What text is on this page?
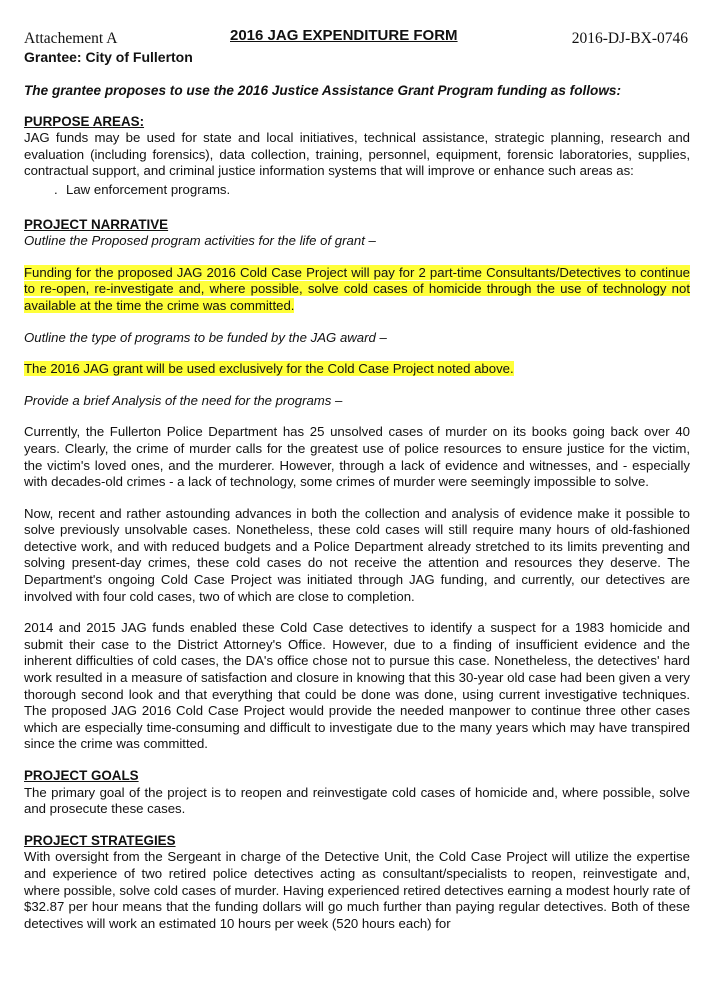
Attachement A	2016 JAG EXPENDITURE FORM	2016-DJ-BX-0746
Grantee: City of Fullerton

The grantee proposes to use the 2016 Justice Assistance Grant Program funding as follows:

PURPOSE AREAS:

JAG funds may be used for state and local initiatives, technical assistance, strategic planning, research and evaluation (including forensics), data collection, training, personnel, equipment, forensic laboratories, supplies, contractual support, and criminal justice information systems that will improve or enhance such areas as:

. Law enforcement programs.
PROJECT NARRATIVE

Outline the Proposed program activities for the life of grant –

Funding for the proposed JAG 2016 Cold Case Project will pay for 2 part-time Consultants/Detectives to continue to re-open, re-investigate and, where possible, solve cold cases of homicide through the use of technology not available at the time the crime was committed.

Outline the type of programs to be funded by the JAG award –

The 2016 JAG grant will be used exclusively for the Cold Case Project noted above.

Provide a brief Analysis of the need for the programs –

Currently, the Fullerton Police Department has 25 unsolved cases of murder on its books going back over 40 years. Clearly, the crime of murder calls for the greatest use of police resources to ensure justice for the victim, the victim's loved ones, and the murderer. However, through a lack of evidence and witnesses, and - especially with decades-old crimes - a lack of technology, some crimes of murder were seemingly impossible to solve.

Now, recent and rather astounding advances in both the collection and analysis of evidence make it possible to solve previously unsolvable cases. Nonetheless, these cold cases will still require many hours of old-fashioned detective work, and with reduced budgets and a Police Department already stretched to its limits preventing and solving present-day crimes, these cold cases do not receive the attention and resources they deserve. The Department's ongoing Cold Case Project was initiated through JAG funding, and currently, our detectives are involved with four cold cases, two of which are close to completion.

2014 and 2015 JAG funds enabled these Cold Case detectives to identify a suspect for a 1983 homicide and submit their case to the District Attorney's Office. However, due to a finding of insufficient evidence and the inherent difficulties of cold cases, the DA's office chose not to pursue this case. Nonetheless, the detectives' hard work resulted in a measure of satisfaction and closure in knowing that this 30-year old case had been given a very thorough second look and that everything that could be done was done, using current investigative techniques. The proposed JAG 2016 Cold Case Project would provide the needed manpower to continue three other cases which are especially time-consuming and difficult to investigate due to the many years which may have transpired since the crime was committed.

PROJECT GOALS

The primary goal of the project is to reopen and reinvestigate cold cases of homicide and, where possible, solve and prosecute these cases.

PROJECT STRATEGIES

With oversight from the Sergeant in charge of the Detective Unit, the Cold Case Project will utilize the expertise and experience of two retired police detectives acting as consultant/specialists to reopen, reinvestigate and, where possible, solve cold cases of murder. Having experienced retired detectives earning a modest hourly rate of $32.87 per hour means that the funding dollars will go much further than paying regular detectives. Both of these detectives will work an estimated 10 hours per week (520 hours each) for
